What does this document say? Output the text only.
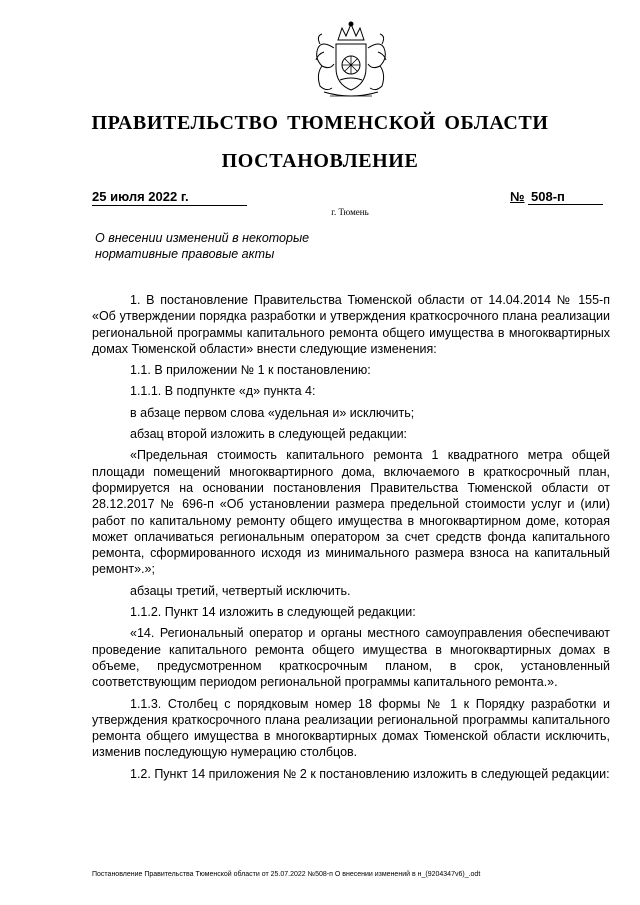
ПРАВИТЕЛЬСТВО ТЮМЕНСКОЙ ОБЛАСТИ
ПОСТАНОВЛЕНИЕ
25 июля 2022 г.	№ 508-п
г. Тюмень
О внесении изменений в некоторые
нормативные правовые акты

1. В постановление Правительства Тюменской области от 14.04.2014 № 155-п «Об утверждении порядка разработки и утверждения краткосрочного плана реализации региональной программы капитального ремонта общего имущества в многоквартирных домах Тюменской области» внести следующие изменения:

1.1. В приложении № 1 к постановлению:

1.1.1. В подпункте «д» пункта 4:

в абзаце первом слова «удельная и» исключить;

абзац второй изложить в следующей редакции:

«Предельная стоимость капитального ремонта 1 квадратного метра общей площади помещений многоквартирного дома, включаемого в краткосрочный план, формируется на основании постановления Правительства Тюменской области от 28.12.2017 № 696-п «Об установлении размера предельной стоимости услуг и (или) работ по капитальному ремонту общего имущества в многоквартирном доме, которая может оплачиваться региональным оператором за счет средств фонда капитального ремонта, сформированного исходя из минимального размера взноса на капитальный ремонт».»;

абзацы третий, четвертый исключить.

1.1.2. Пункт 14 изложить в следующей редакции:

«14. Региональный оператор и органы местного самоуправления обеспечивают проведение капитального ремонта общего имущества в многоквартирных домах в объеме, предусмотренном краткосрочным планом, в срок, установленный соответствующим периодом региональной программы капитального ремонта.».

1.1.3. Столбец с порядковым номер 18 формы № 1 к Порядку разработки и утверждения краткосрочного плана реализации региональной программы капитального ремонта общего имущества в многоквартирных домах Тюменской области исключить, изменив последующую нумерацию столбцов.

1.2. Пункт 14 приложения № 2 к постановлению изложить в следующей редакции:

Постановление Правительства Тюменской области от 25.07.2022 №508-п О внесении изменений в н_(9204347v6)_.odt
